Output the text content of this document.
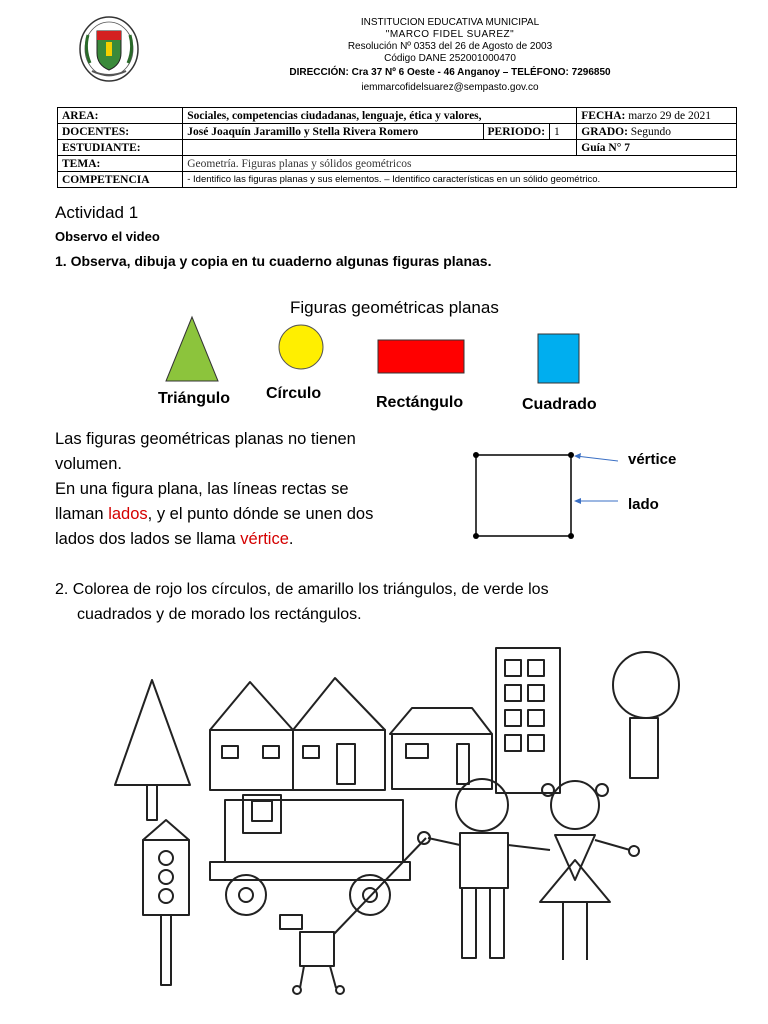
INSTITUCION EDUCATIVA MUNICIPAL
"MARCO FIDEL SUAREZ"
Resolución Nº 0353 del 26 de Agosto de 2003
Código DANE 252001000470
DIRECCIÓN: Cra 37 Nº 6 Oeste - 46 Anganoy – TELÉFONO: 7296850
iemmarcofidelsuarez@sempasto.gov.co
AREA:	Sociales, competencias ciudadanas, lenguaje, ética y valores,			FECHA: marzo 29 de 2021
DOCENTES:	José Joaquín Jaramillo y Stella Rivera Romero	PERIODO:	1	GRADO: Segundo
ESTUDIANTE:				Guía N° 7
TEMA:	Geometría. Figuras planas y sólidos geométricos			
COMPETENCIA	- Identifico las figuras planas y sus elementos. – Identifico características en un sólido geométrico.			
Actividad 1
Observo el video
1. Observa, dibuja y copia en tu cuaderno algunas figuras planas.
Figuras geométricas planas
Triángulo Círculo
Rectángulo	Cuadrado
Las figuras geométricas planas no tienen
volumen.
En una figura plana, las líneas rectas se
llaman lados, y el punto dónde se unen dos
lados dos lados se llama vértice.
vértice
lado
2. Colorea de rojo los círculos, de amarillo los triángulos, de verde los
cuadrados y de morado los rectángulos.
